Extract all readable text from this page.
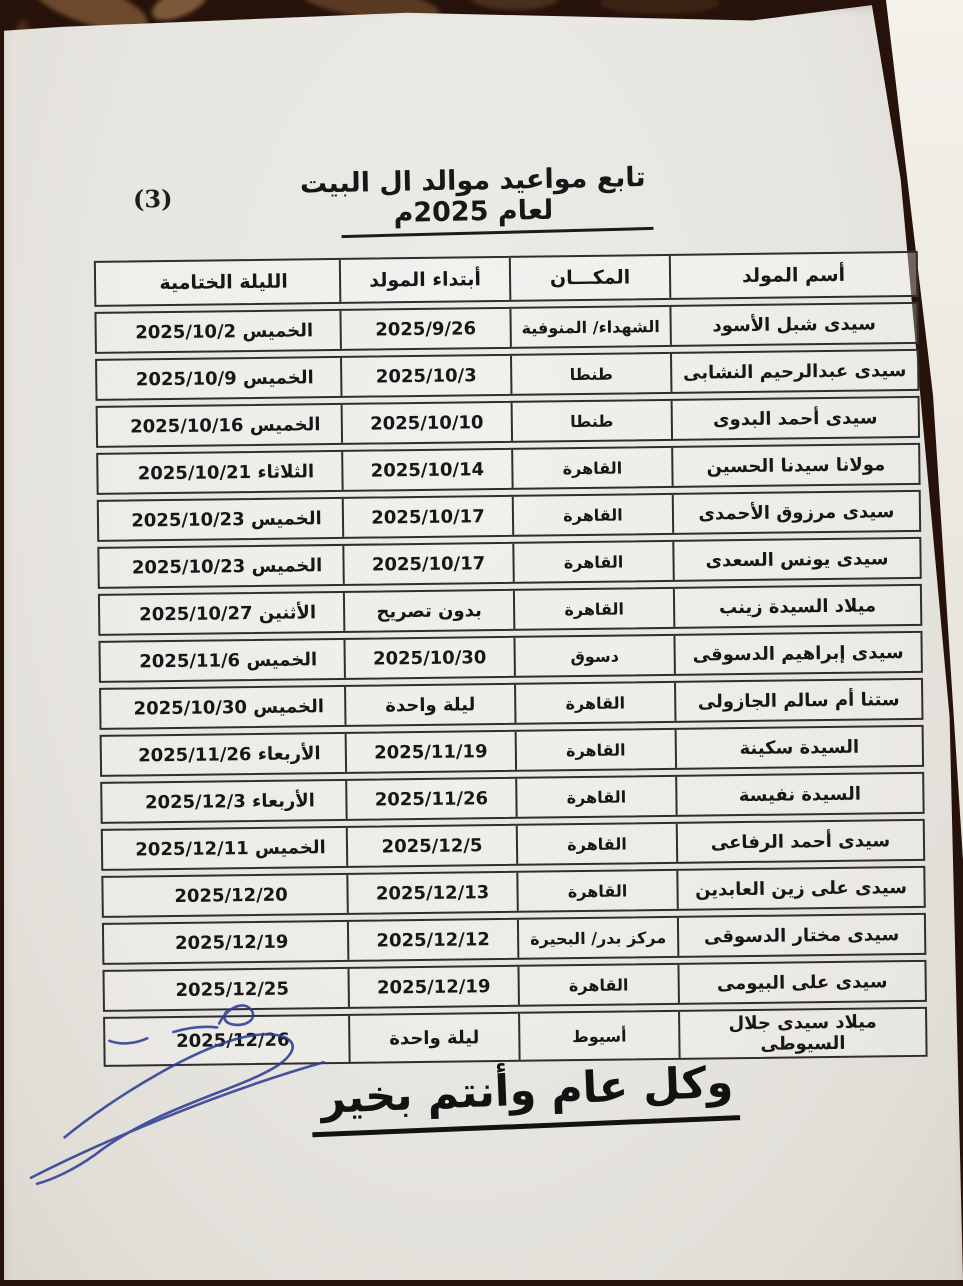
(3)	تابع مواعيد موالد ال البيت لعام 2025م
أسم المولد
المكـــان
أبتداء المولد
الليلة الختامية
سيدى شبل الأسود
الشهداء/ المنوفية
2025/9/26
الخميس 2025/10/2
سيدى عبدالرحيم النشابى
طنطا
2025/10/3
الخميس 2025/10/9
سيدى أحمد البدوى
طنطا
2025/10/10
الخميس 2025/10/16
مولانا سيدنا الحسين
القاهرة
2025/10/14
الثلاثاء 2025/10/21
سيدى مرزوق الأحمدى
القاهرة
2025/10/17
الخميس 2025/10/23
سيدى يونس السعدى
القاهرة
2025/10/17
الخميس 2025/10/23
ميلاد السيدة زينب
القاهرة
بدون تصريح
الأثنين 2025/10/27
سيدى إبراهيم الدسوقى
دسوق
2025/10/30
الخميس 2025/11/6
ستنا أم سالم الجازولى
القاهرة
ليلة واحدة
الخميس 2025/10/30
السيدة سكينة
القاهرة
2025/11/19
الأربعاء 2025/11/26
السيدة نفيسة
القاهرة
2025/11/26
الأربعاء 2025/12/3
سيدى أحمد الرفاعى
القاهرة
2025/12/5
الخميس 2025/12/11
سيدى على زين العابدين
القاهرة
2025/12/13
2025/12/20
سيدى مختار الدسوقى
مركز بدر/ البحيرة
2025/12/12
2025/12/19
سيدى على البيومى
القاهرة
2025/12/19
2025/12/25
ميلاد سيدى جلال السيوطى
أسيوط
ليلة واحدة
2025/12/26
وكل عام وأنتم بخير
